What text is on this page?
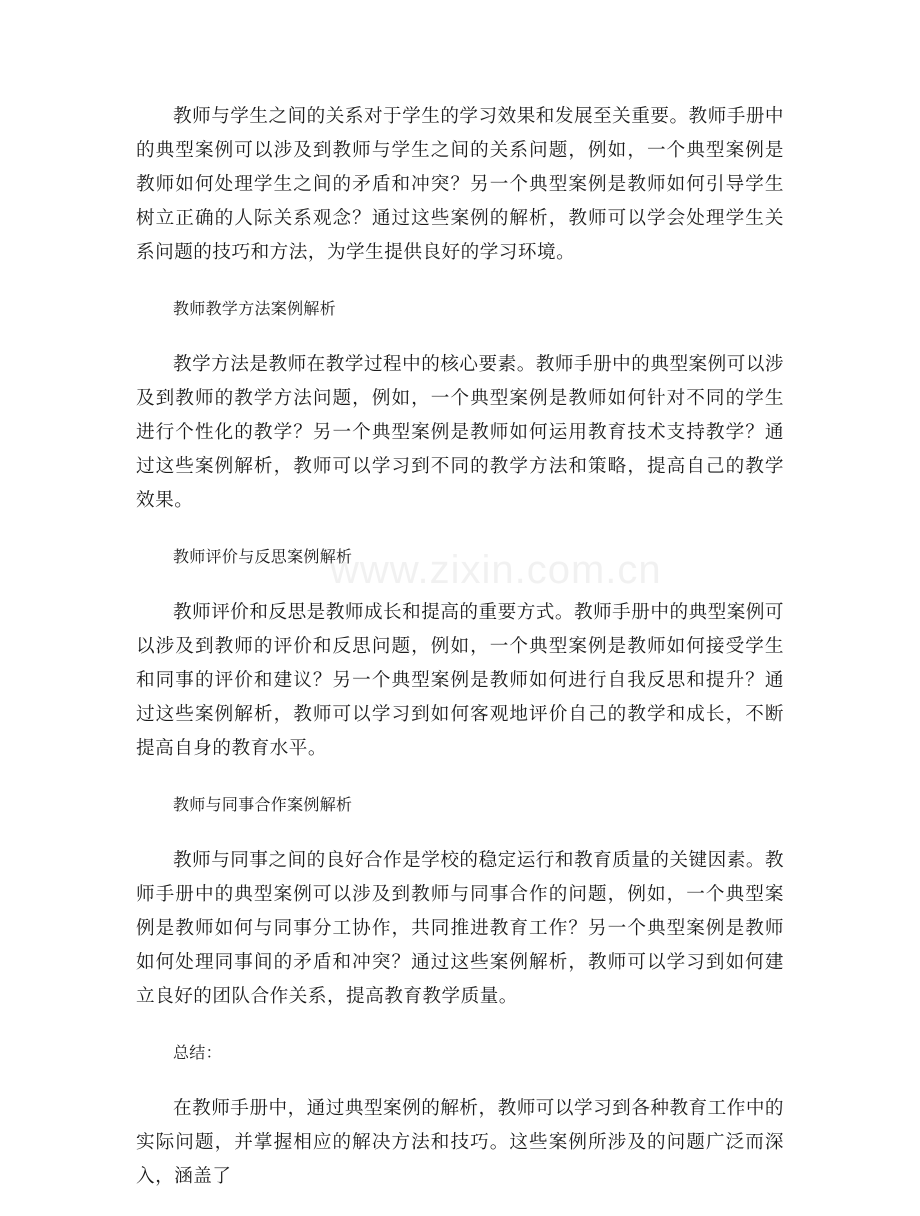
教师与学生之间的关系对于学生的学习效果和发展至关重要。教师手册中的典型案例可以涉及到教师与学生之间的关系问题，例如，一个典型案例是教师如何处理学生之间的矛盾和冲突？另一个典型案例是教师如何引导学生树立正确的人际关系观念？通过这些案例的解析，教师可以学会处理学生关系问题的技巧和方法，为学生提供良好的学习环境。

教师教学方法案例解析

教学方法是教师在教学过程中的核心要素。教师手册中的典型案例可以涉及到教师的教学方法问题，例如，一个典型案例是教师如何针对不同的学生进行个性化的教学？另一个典型案例是教师如何运用教育技术支持教学？通过这些案例解析，教师可以学习到不同的教学方法和策略，提高自己的教学效果。

教师评价与反思案例解析

教师评价和反思是教师成长和提高的重要方式。教师手册中的典型案例可以涉及到教师的评价和反思问题，例如，一个典型案例是教师如何接受学生和同事的评价和建议？另一个典型案例是教师如何进行自我反思和提升？通过这些案例解析，教师可以学习到如何客观地评价自己的教学和成长，不断提高自身的教育水平。

教师与同事合作案例解析

教师与同事之间的良好合作是学校的稳定运行和教育质量的关键因素。教师手册中的典型案例可以涉及到教师与同事合作的问题，例如，一个典型案例是教师如何与同事分工协作，共同推进教育工作？另一个典型案例是教师如何处理同事间的矛盾和冲突？通过这些案例解析，教师可以学习到如何建立良好的团队合作关系，提高教育教学质量。

总结：

在教师手册中，通过典型案例的解析，教师可以学习到各种教育工作中的实际问题，并掌握相应的解决方法和技巧。这些案例所涉及的问题广泛而深入，涵盖了

www.zixin.com.cn
